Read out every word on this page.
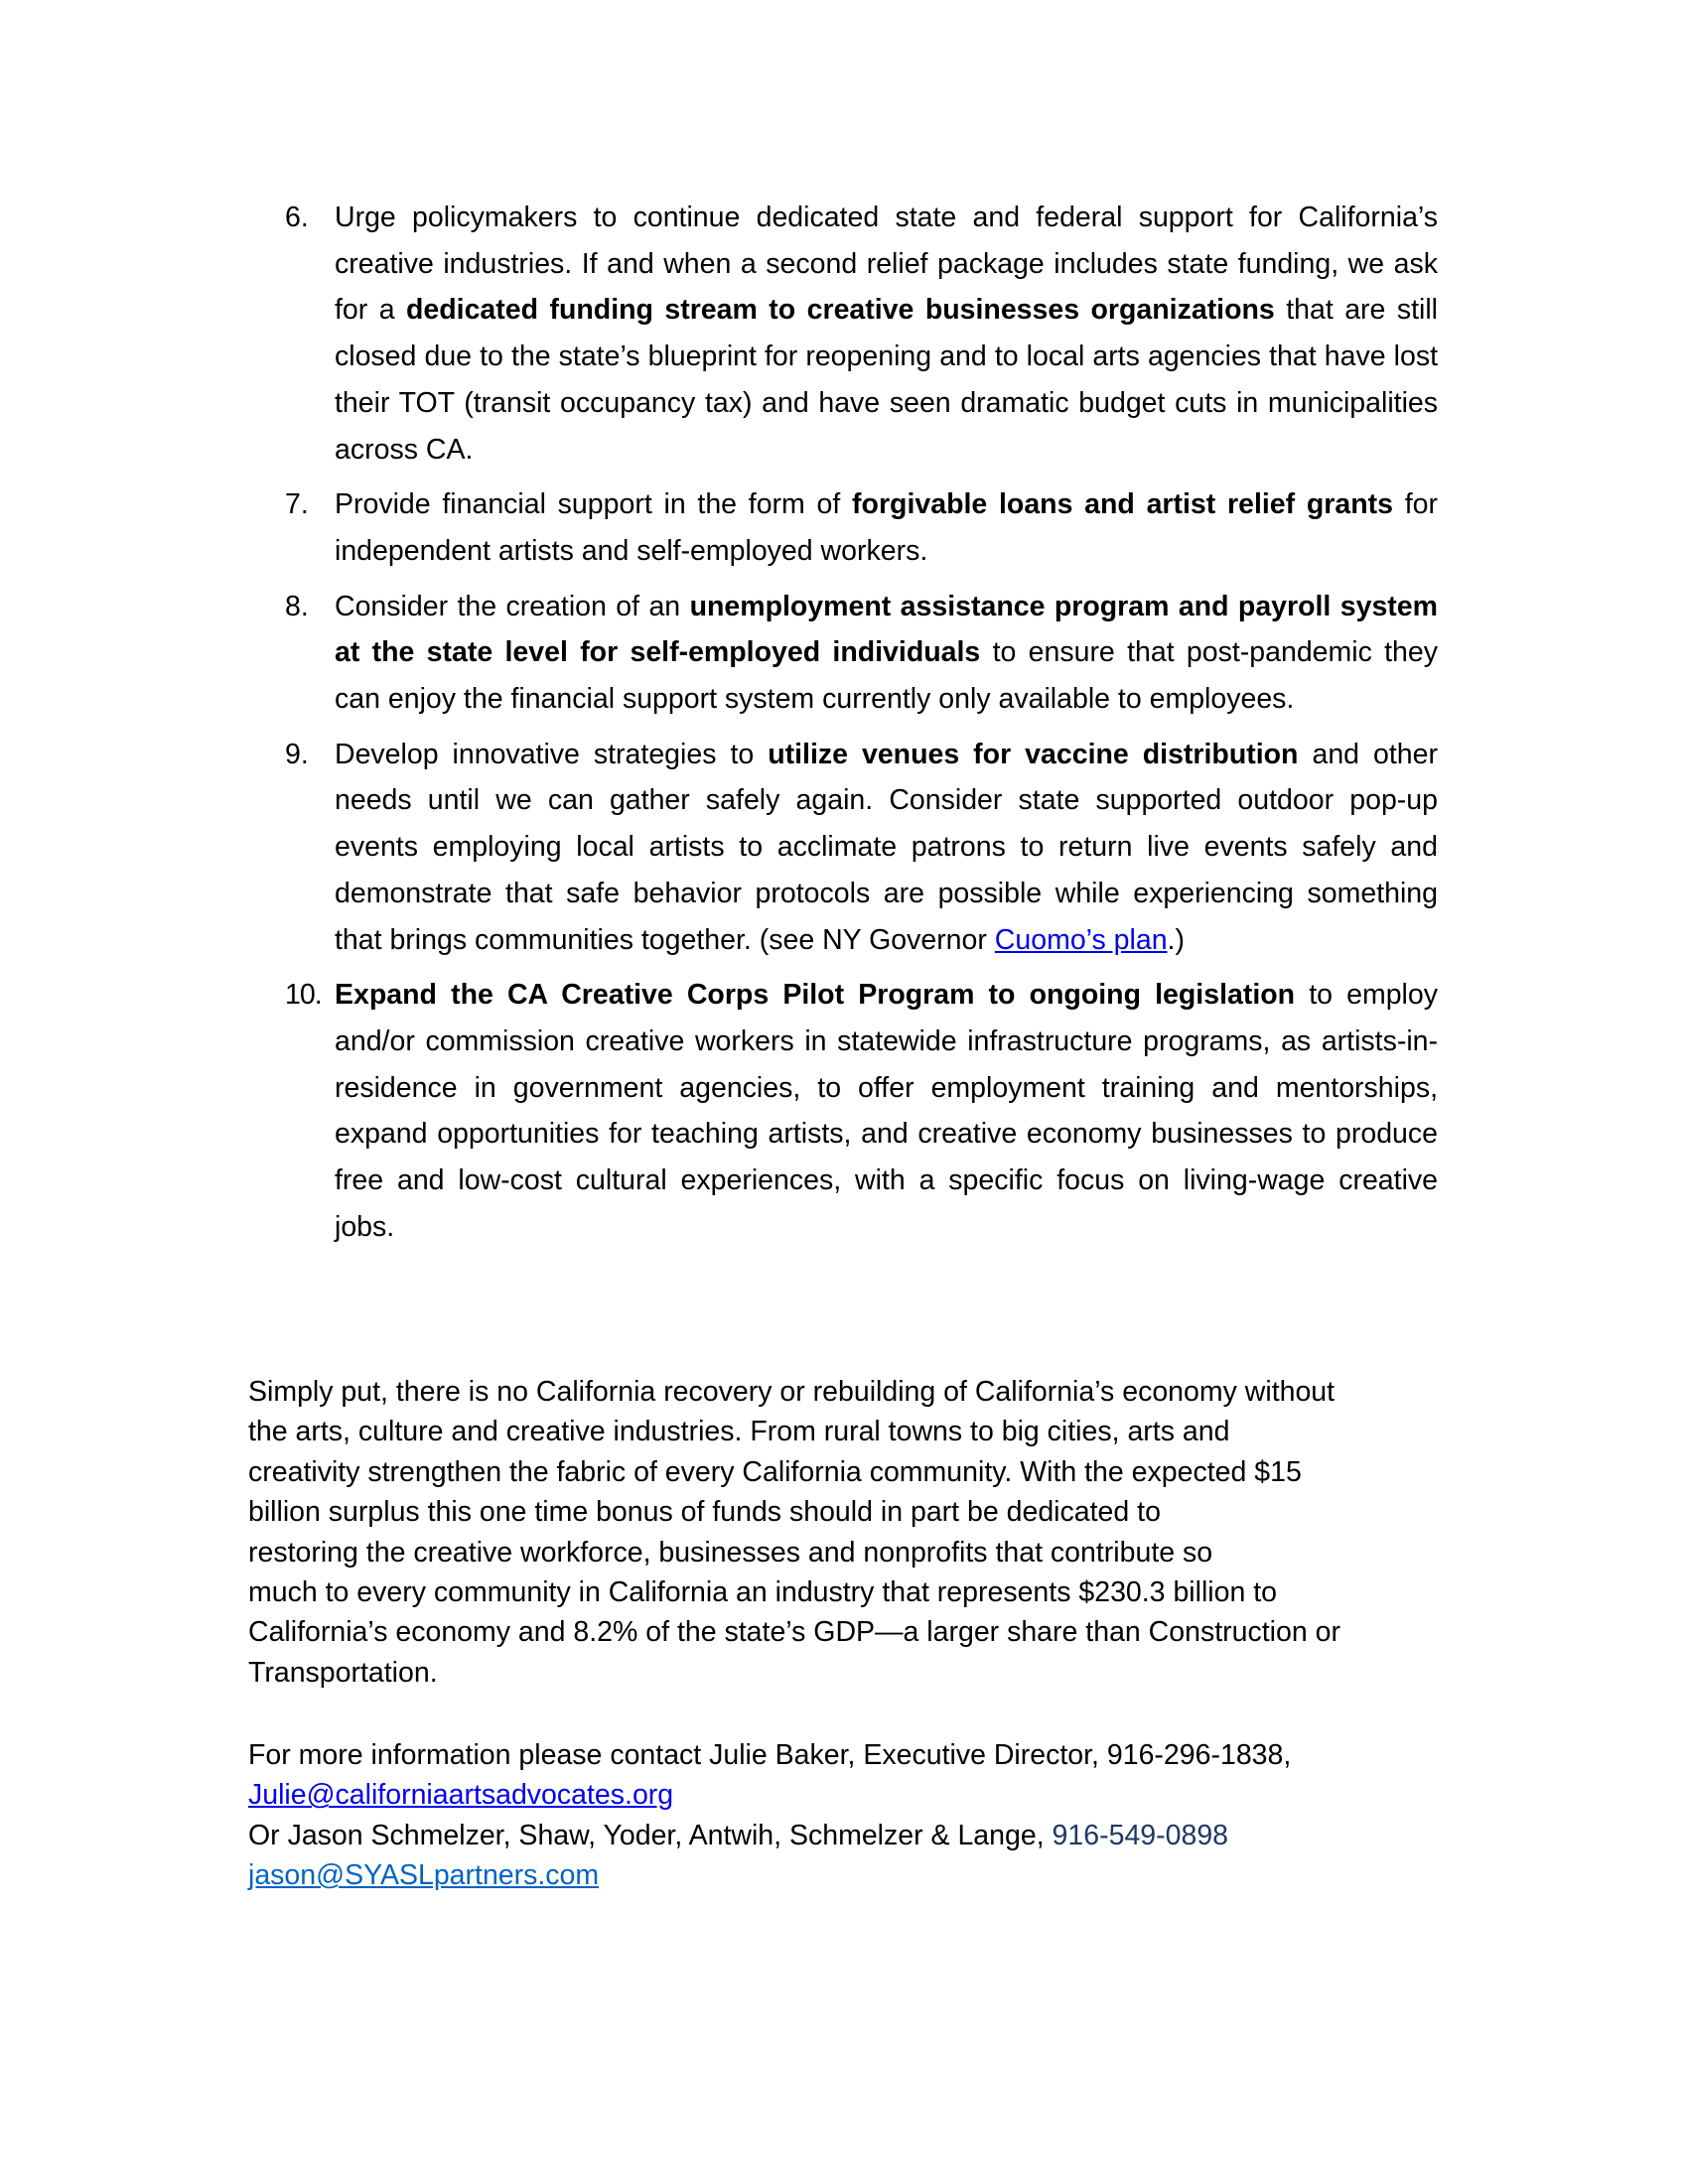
6. Urge policymakers to continue dedicated state and federal support for California’s creative industries. If and when a second relief package includes state funding, we ask for a dedicated funding stream to creative businesses organizations that are still closed due to the state’s blueprint for reopening and to local arts agencies that have lost their TOT (transit occupancy tax) and have seen dramatic budget cuts in municipalities across CA.
7. Provide financial support in the form of forgivable loans and artist relief grants for independent artists and self-employed workers.
8. Consider the creation of an unemployment assistance program and payroll system at the state level for self-employed individuals to ensure that post-pandemic they can enjoy the financial support system currently only available to employees.
9. Develop innovative strategies to utilize venues for vaccine distribution and other needs until we can gather safely again. Consider state supported outdoor pop-up events employing local artists to acclimate patrons to return live events safely and demonstrate that safe behavior protocols are possible while experiencing something that brings communities together. (see NY Governor Cuomo’s plan.)
10. Expand the CA Creative Corps Pilot Program to ongoing legislation to employ and/or commission creative workers in statewide infrastructure programs, as artists-in-residence in government agencies, to offer employment training and mentorships, expand opportunities for teaching artists, and creative economy businesses to produce free and low-cost cultural experiences, with a specific focus on living-wage creative jobs.
Simply put, there is no California recovery or rebuilding of California’s economy without
the arts, culture and creative industries. From rural towns to big cities, arts and
creativity strengthen the fabric of every California community. With the expected $15
billion surplus this one time bonus of funds should in part be dedicated to
restoring the creative workforce, businesses and nonprofits that contribute so
much to every community in California an industry that represents $230.3 billion to
California’s economy and 8.2% of the state’s GDP—a larger share than Construction or
Transportation.
For more information please contact Julie Baker, Executive Director, 916-296-1838,
Julie@californiaartsadvocates.org
Or Jason Schmelzer, Shaw, Yoder, Antwih, Schmelzer & Lange, 916-549-0898
jason@SYASLpartners.com
